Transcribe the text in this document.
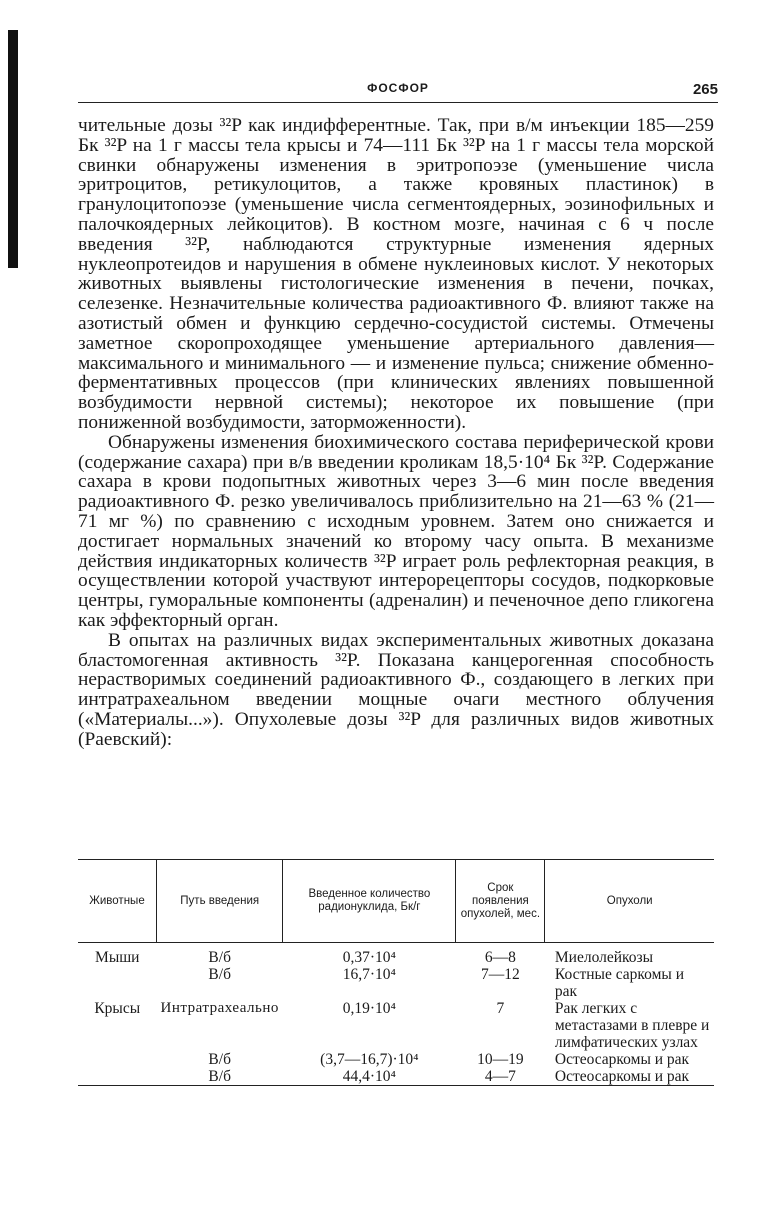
ФОСФОР	265

чительные дозы ³²P как индифферентные. Так, при в/м инъекции 185—259 Бк ³²P на 1 г массы тела крысы и 74—111 Бк ³²P на 1 г массы тела морской свинки обнаружены изменения в эритропоэзе (уменьшение числа эритроцитов, ретикулоцитов, а также кровяных пластинок) в гранулоцитопоэзе (уменьшение числа сегментоядерных, эозинофильных и палочкоядерных лейкоцитов). В костном мозге, начиная с 6 ч после введения ³²P, наблюдаются структурные изменения ядерных нуклеопротеидов и нарушения в обмене нуклеиновых кислот. У некоторых животных выявлены гистологические изменения в печени, почках, селезенке. Незначительные количества радиоактивного Ф. влияют также на азотистый обмен и функцию сердечно-сосудистой системы. Отмечены заметное скоропроходящее уменьшение артериального давления— максимального и минимального — и изменение пульса; снижение обменно-ферментативных процессов (при клинических явлениях повышенной возбудимости нервной системы); некоторое их повышение (при пониженной возбудимости, заторможенности).

Обнаружены изменения биохимического состава периферической крови (содержание сахара) при в/в введении кроликам 18,5·10⁴ Бк ³²P. Содержание сахара в крови подопытных животных через 3—6 мин после введения радиоактивного Ф. резко увеличивалось приблизительно на 21—63 % (21—71 мг %) по сравнению с исходным уровнем. Затем оно снижается и достигает нормальных значений ко второму часу опыта. В механизме действия индикаторных количеств ³²P играет роль рефлекторная реакция, в осуществлении которой участвуют интерорецепторы сосудов, подкорковые центры, гуморальные компоненты (адреналин) и печеночное депо гликогена как эффекторный орган.

В опытах на различных видах экспериментальных животных доказана бластомогенная активность ³²P. Показана канцерогенная способность нерастворимых соединений радиоактивного Ф., создающего в легких при интратрахеальном введении мощные очаги местного облучения («Материалы...»). Опухолевые дозы ³²P для различных видов животных (Раевский):

Животные	Путь введения	Введенное количество радионуклида, Бк/г	Срок появления опухолей, мес.	Опухоли
Мыши	В/б	0,37·10⁴	6—8	Миелолейкозы
	В/б	16,7·10⁴	7—12	Костные саркомы и рак
Крысы	Интратрахеально	0,19·10⁴	7	Рак легких с метастазами в плевре и лимфатических узлах
	В/б	(3,7—16,7)·10⁴	10—19	Остеосаркомы и рак
	В/б	44,4·10⁴	4—7	Остеосаркомы и рак
